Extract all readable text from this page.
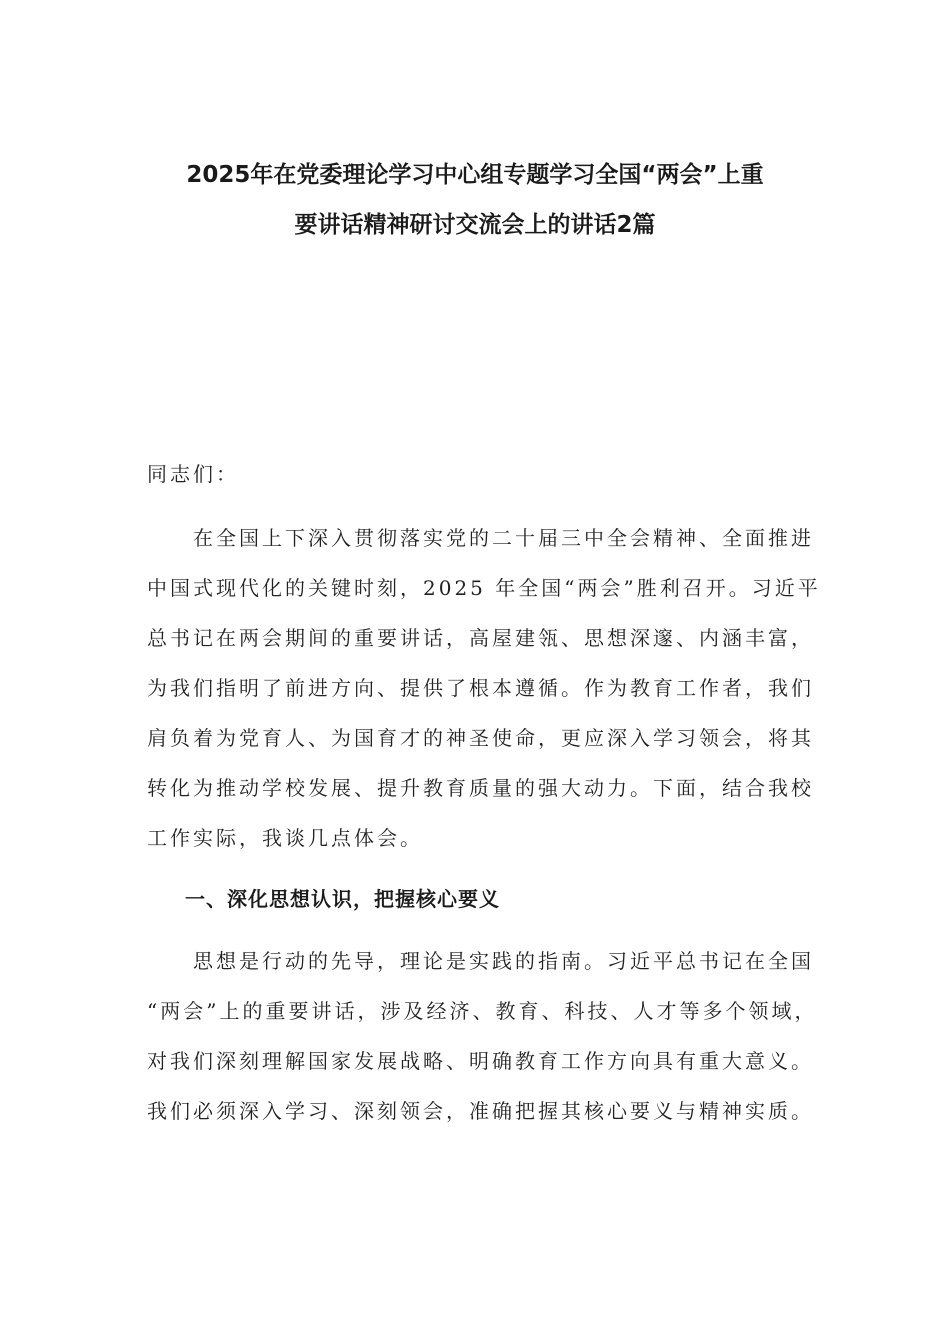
2025年在党委理论学习中心组专题学习全国“两会”上重
要讲话精神研讨交流会上的讲话2篇
同志们：
　　在全国上下深入贯彻落实党的二十届三中全会精神、全面推进
中国式现代化的关键时刻，2025 年全国“两会”胜利召开。习近平
总书记在两会期间的重要讲话，高屋建瓴、思想深邃、内涵丰富，
为我们指明了前进方向、提供了根本遵循。作为教育工作者，我们
肩负着为党育人、为国育才的神圣使命，更应深入学习领会，将其
转化为推动学校发展、提升教育质量的强大动力。下面，结合我校
工作实际，我谈几点体会。
一、深化思想认识，把握核心要义
　　思想是行动的先导，理论是实践的指南。习近平总书记在全国
“两会”上的重要讲话，涉及经济、教育、科技、人才等多个领域，
对我们深刻理解国家发展战略、明确教育工作方向具有重大意义。
我们必须深入学习、深刻领会，准确把握其核心要义与精神实质。
